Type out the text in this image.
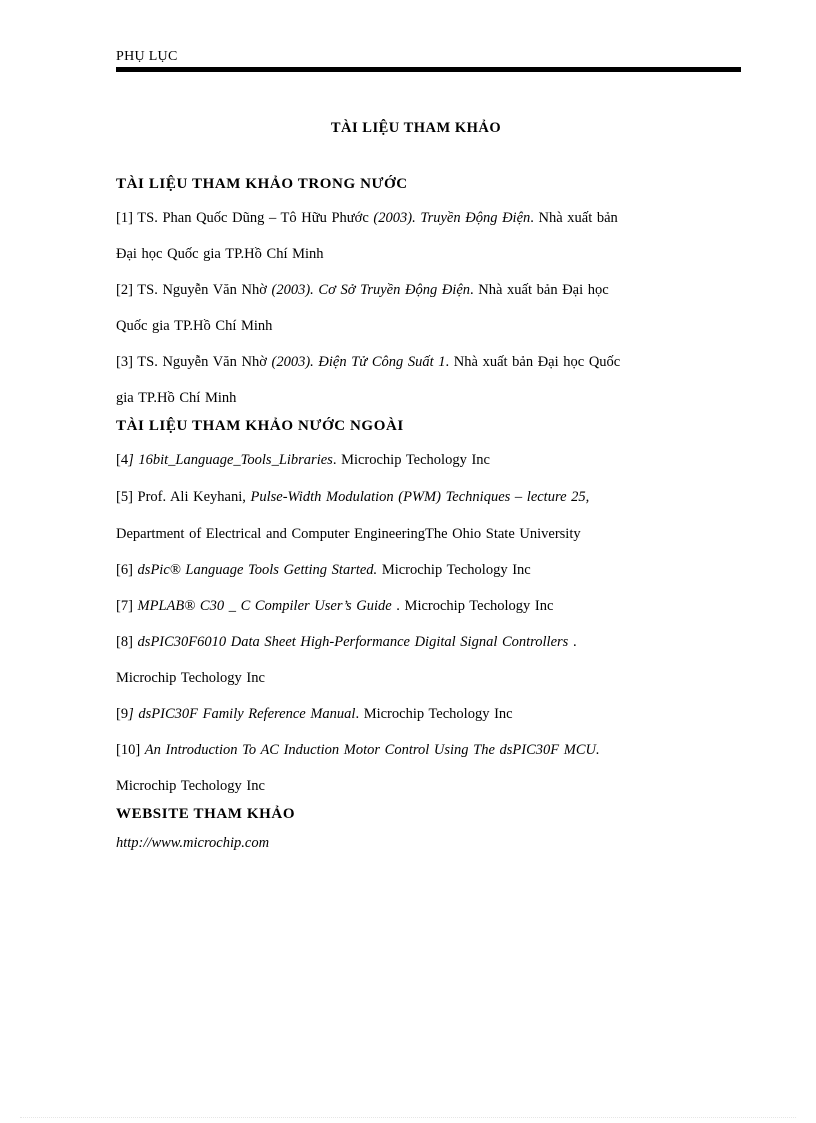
PHỤ LỤC
TÀI LIỆU THAM KHẢO
TÀI LIỆU THAM KHẢO TRONG NƯỚC
[1] TS. Phan Quốc Dũng – Tô Hữu Phước (2003). Truyền Động Điện. Nhà xuất bản
Đại học Quốc gia TP.Hồ Chí Minh
[2] TS. Nguyễn Văn Nhờ (2003). Cơ Sở Truyền Động Điện. Nhà xuất bản Đại học
Quốc gia TP.Hồ Chí Minh
[3] TS. Nguyễn Văn Nhờ (2003). Điện Tử Công Suất 1. Nhà xuất bản Đại học Quốc
gia TP.Hồ Chí Minh
TÀI LIỆU THAM KHẢO NƯỚC NGOÀI
[4] 16bit_Language_Tools_Libraries. Microchip Techology Inc
[5] Prof. Ali Keyhani, Pulse-Width Modulation (PWM) Techniques – lecture 25,
Department of Electrical and Computer EngineeringThe Ohio State University
[6] dsPic® Language Tools Getting Started. Microchip Techology Inc
[7] MPLAB® C30 _ C Compiler User’s Guide . Microchip Techology Inc
[8] dsPIC30F6010 Data Sheet High-Performance Digital Signal Controllers .
Microchip Techology Inc
[9] dsPIC30F Family Reference Manual. Microchip Techology Inc
[10] An Introduction To AC Induction Motor Control Using The dsPIC30F MCU.
Microchip Techology Inc
WEBSITE THAM KHẢO
http://www.microchip.com
